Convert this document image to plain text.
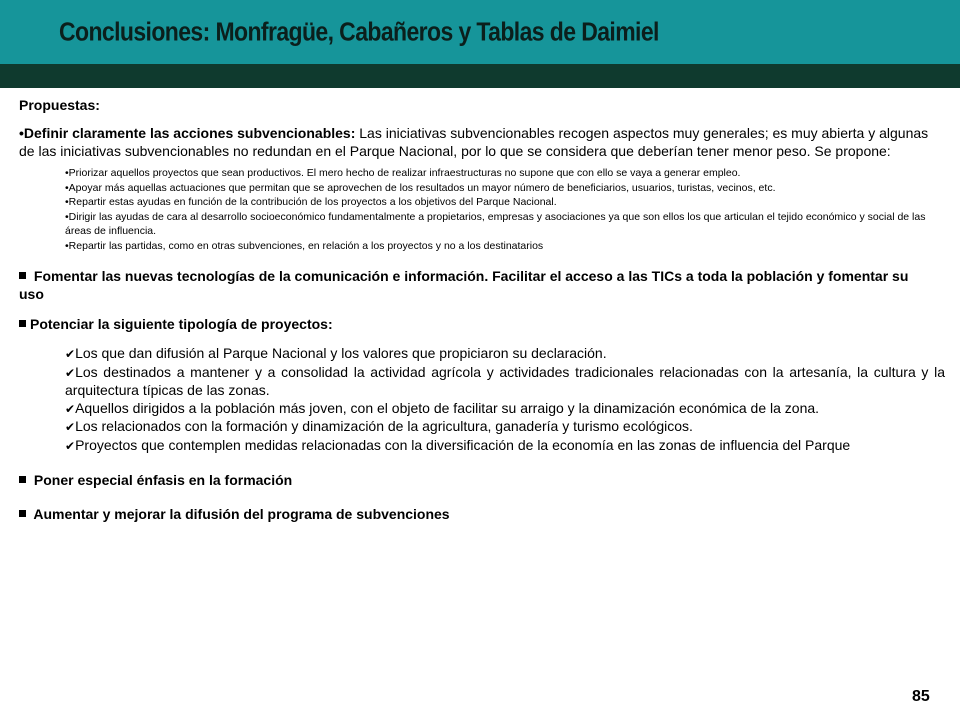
Conclusiones: Monfragüe, Cabañeros y Tablas de Daimiel
Propuestas:
• Definir claramente las acciones subvencionables: Las iniciativas subvencionables recogen aspectos muy generales; es muy abierta y algunas de las iniciativas subvencionables no redundan en el Parque Nacional, por lo que se considera que deberían tener menor peso. Se propone:
•Priorizar aquellos proyectos que sean productivos. El mero hecho de realizar infraestructuras no supone que con ello se vaya a generar empleo.
•Apoyar más aquellas actuaciones que permitan que se aprovechen de los resultados un mayor número de beneficiarios, usuarios, turistas, vecinos, etc.
•Repartir estas ayudas en función de la contribución de los proyectos a los objetivos del Parque Nacional.
•Dirigir las ayudas de cara al desarrollo socioeconómico fundamentalmente a propietarios, empresas y asociaciones ya que son ellos los que articulan el tejido económico y social de las áreas de influencia.
•Repartir las partidas, como en otras subvenciones, en relación a los proyectos y no a los destinatarios
Fomentar las nuevas tecnologías de la comunicación e información. Facilitar el acceso a las TICs a toda la población y fomentar su uso
Potenciar la siguiente tipología de proyectos:
✔Los que dan difusión al Parque Nacional y los valores que propiciaron su declaración.
✔Los destinados a mantener y a consolidad la actividad agrícola y actividades tradicionales relacionadas con la artesanía, la cultura y la arquitectura típicas de las zonas.
✔Aquellos dirigidos a la población más joven, con el objeto de facilitar su arraigo y la dinamización económica de la zona.
✔Los relacionados con la formación y dinamización de la agricultura, ganadería y turismo ecológicos.
✔Proyectos que contemplen medidas relacionadas con la diversificación de la economía en las zonas de influencia del Parque
Poner especial énfasis en la formación
Aumentar y mejorar la difusión del programa de subvenciones
85
